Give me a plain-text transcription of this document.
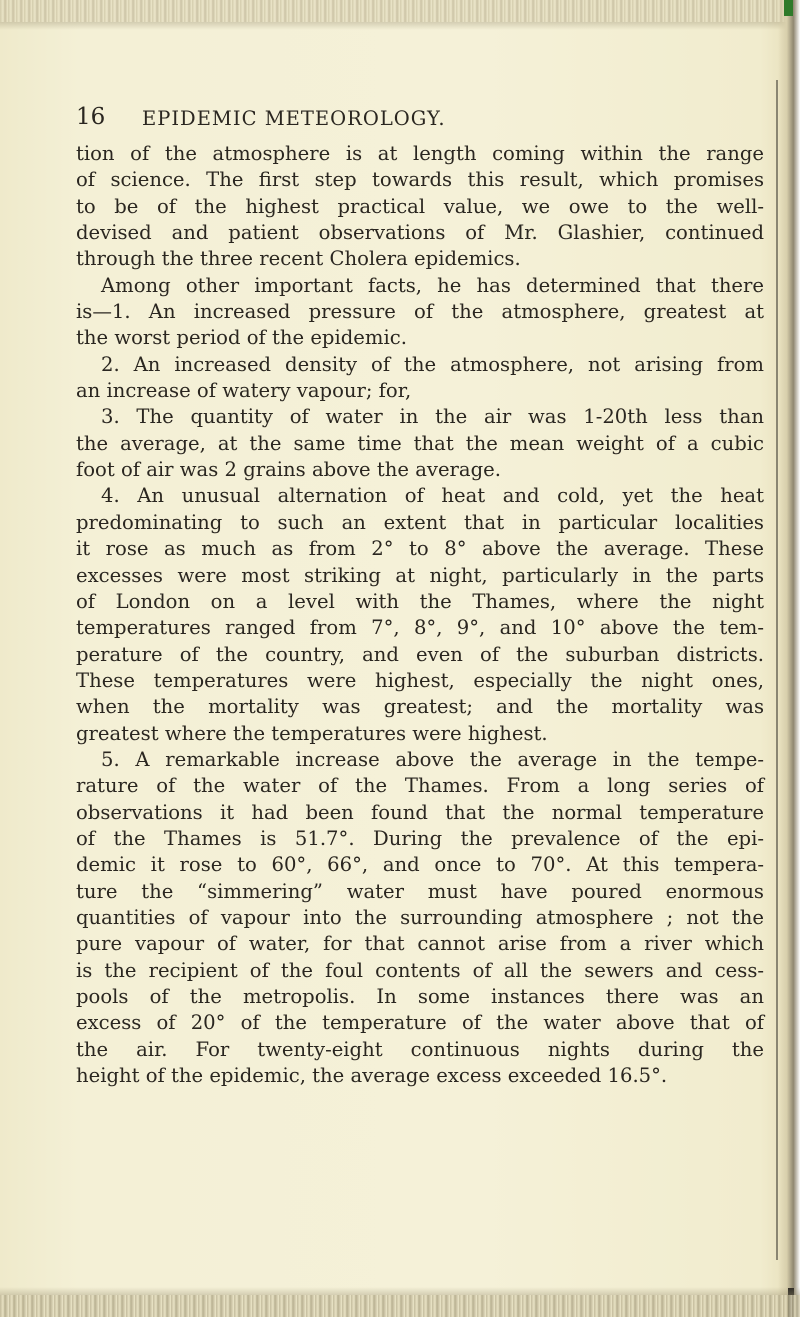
16 EPIDEMIC METEOROLOGY.
tion of the atmosphere is at length coming within the range
of science. The first step towards this result, which promises
to be of the highest practical value, we owe to the well-
devised and patient observations of Mr. Glashier, continued
through the three recent Cholera epidemics.
Among other important facts, he has determined that there
is—1. An increased pressure of the atmosphere, greatest at
the worst period of the epidemic.
2. An increased density of the atmosphere, not arising from
an increase of watery vapour; for,
3. The quantity of water in the air was 1-20th less than
the average, at the same time that the mean weight of a cubic
foot of air was 2 grains above the average.
4. An unusual alternation of heat and cold, yet the heat
predominating to such an extent that in particular localities
it rose as much as from 2° to 8° above the average. These
excesses were most striking at night, particularly in the parts
of London on a level with the Thames, where the night
temperatures ranged from 7°, 8°, 9°, and 10° above the tem-
perature of the country, and even of the suburban districts.
These temperatures were highest, especially the night ones,
when the mortality was greatest; and the mortality was
greatest where the temperatures were highest.
5. A remarkable increase above the average in the tempe-
rature of the water of the Thames. From a long series of
observations it had been found that the normal temperature
of the Thames is 51.7°. During the prevalence of the epi-
demic it rose to 60°, 66°, and once to 70°. At this tempera-
ture the “simmering” water must have poured enormous
quantities of vapour into the surrounding atmosphere ; not the
pure vapour of water, for that cannot arise from a river which
is the recipient of the foul contents of all the sewers and cess-
pools of the metropolis. In some instances there was an
excess of 20° of the temperature of the water above that of
the air. For twenty-eight continuous nights during the
height of the epidemic, the average excess exceeded 16.5°.
